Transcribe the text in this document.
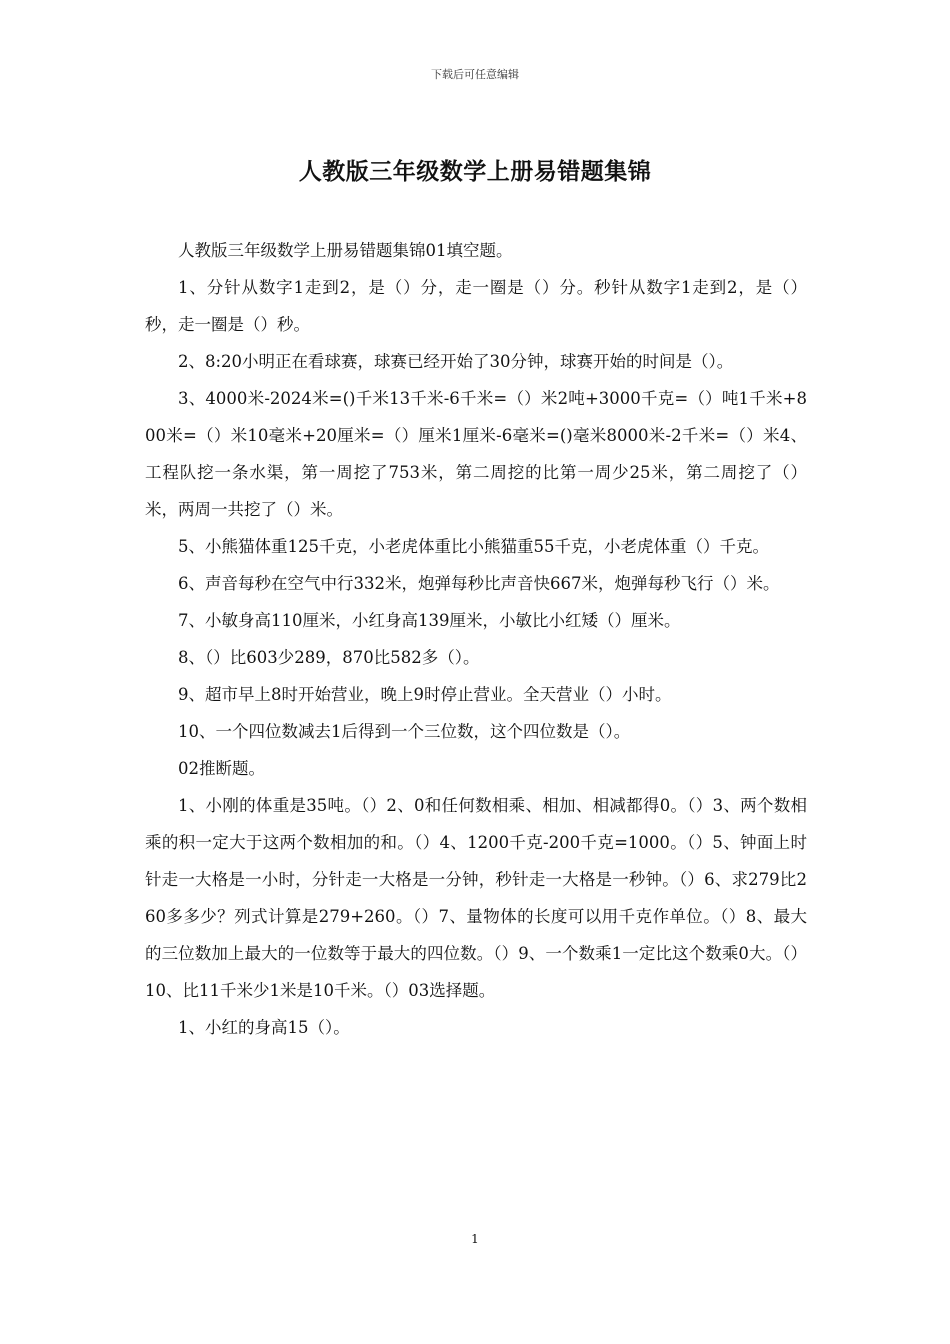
下载后可任意编辑
人教版三年级数学上册易错题集锦

人教版三年级数学上册易错题集锦01填空题。

1、分针从数字1走到2，是（）分，走一圈是（）分。秒针从数字1走到2，是（）秒，走一圈是（）秒。

2、8:20小明正在看球赛，球赛已经开始了30分钟，球赛开始的时间是（）。

3、4000米-2024米=()千米13千米-6千米=（）米2吨+3000千克=（）吨1千米+800米=（）米10毫米+20厘米=（）厘米1厘米-6毫米=()毫米8000米-2千米=（）米4、工程队挖一条水渠，第一周挖了753米，第二周挖的比第一周少25米，第二周挖了（）米，两周一共挖了（）米。

5、小熊猫体重125千克，小老虎体重比小熊猫重55千克，小老虎体重（）千克。

6、声音每秒在空气中行332米，炮弹每秒比声音快667米，炮弹每秒飞行（）米。

7、小敏身高110厘米，小红身高139厘米，小敏比小红矮（）厘米。

8、（）比603少289，870比582多（）。

9、超市早上8时开始营业，晚上9时停止营业。全天营业（）小时。

10、一个四位数减去1后得到一个三位数，这个四位数是（）。

02推断题。

1、小刚的体重是35吨。（）2、0和任何数相乘、相加、相减都得0。（）3、两个数相乘的积一定大于这两个数相加的和。（）4、1200千克-200千克=1000。（）5、钟面上时针走一大格是一小时，分针走一大格是一分钟，秒针走一大格是一秒钟。（）6、求279比260多多少？列式计算是279+260。（）7、量物体的长度可以用千克作单位。（）8、最大的三位数加上最大的一位数等于最大的四位数。（）9、一个数乘1一定比这个数乘0大。（）10、比11千米少1米是10千米。（）03选择题。

1、小红的身高15（）。

1
